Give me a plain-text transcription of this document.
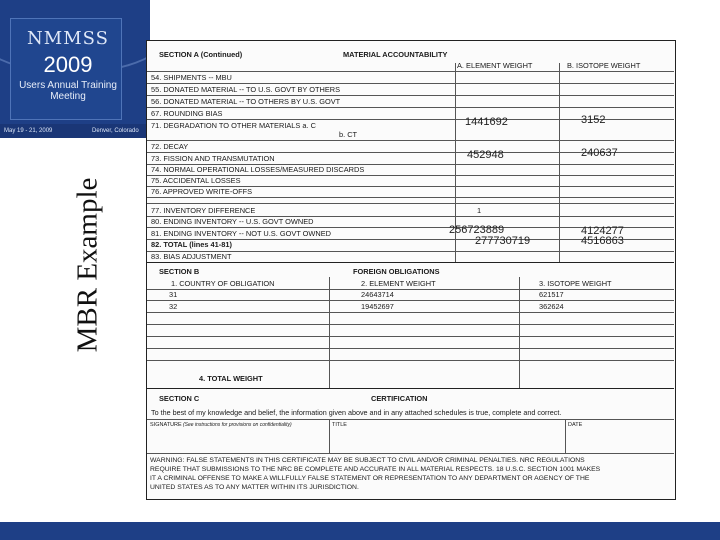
NMMSS
2009
Users Annual Training Meeting
May 19 - 21, 2009	Denver, Colorado
MBR Example
SECTION A (Continued)	MATERIAL ACCOUNTABILITY
A. ELEMENT WEIGHT	B. ISOTOPE WEIGHT
54. SHIPMENTS -- MBU
55. DONATED MATERIAL -- TO U.S. GOVT BY OTHERS
56. DONATED MATERIAL -- TO OTHERS BY U.S. GOVT
67. ROUNDING BIAS
71. DEGRADATION TO OTHER MATERIALS a. C	1441692	3152
b. CT
72. DECAY
73. FISSION AND TRANSMUTATION	452948	240637
74. NORMAL OPERATIONAL LOSSES/MEASURED DISCARDS
75. ACCIDENTAL LOSSES
76. APPROVED WRITE-OFFS
77. INVENTORY DIFFERENCE	1
80. ENDING INVENTORY -- U.S. GOVT OWNED
81. ENDING INVENTORY -- NOT U.S. GOVT OWNED	256723889	4124277
82. TOTAL (lines 41-81)	277730719	4516863
83. BIAS ADJUSTMENT
SECTION B	FOREIGN OBLIGATIONS
1. COUNTRY OF OBLIGATION	2. ELEMENT WEIGHT	3. ISOTOPE WEIGHT
31	24643714	621517
32	19452697	362624
4. TOTAL WEIGHT
SECTION C	CERTIFICATION
To the best of my knowledge and belief, the information given above and in any attached schedules is true, complete and correct.
SIGNATURE (See instructions for provisions on confidentiality)	TITLE	DATE
WARNING: FALSE STATEMENTS IN THIS CERTIFICATE MAY BE SUBJECT TO CIVIL AND/OR CRIMINAL PENALTIES. NRC REGULATIONS
REQUIRE THAT SUBMISSIONS TO THE NRC BE COMPLETE AND ACCURATE IN ALL MATERIAL RESPECTS. 18 U.S.C. SECTION 1001 MAKES
IT A CRIMINAL OFFENSE TO MAKE A WILLFULLY FALSE STATEMENT OR REPRESENTATION TO ANY DEPARTMENT OR AGENCY OF THE
UNITED STATES AS TO ANY MATTER WITHIN ITS JURISDICTION.
